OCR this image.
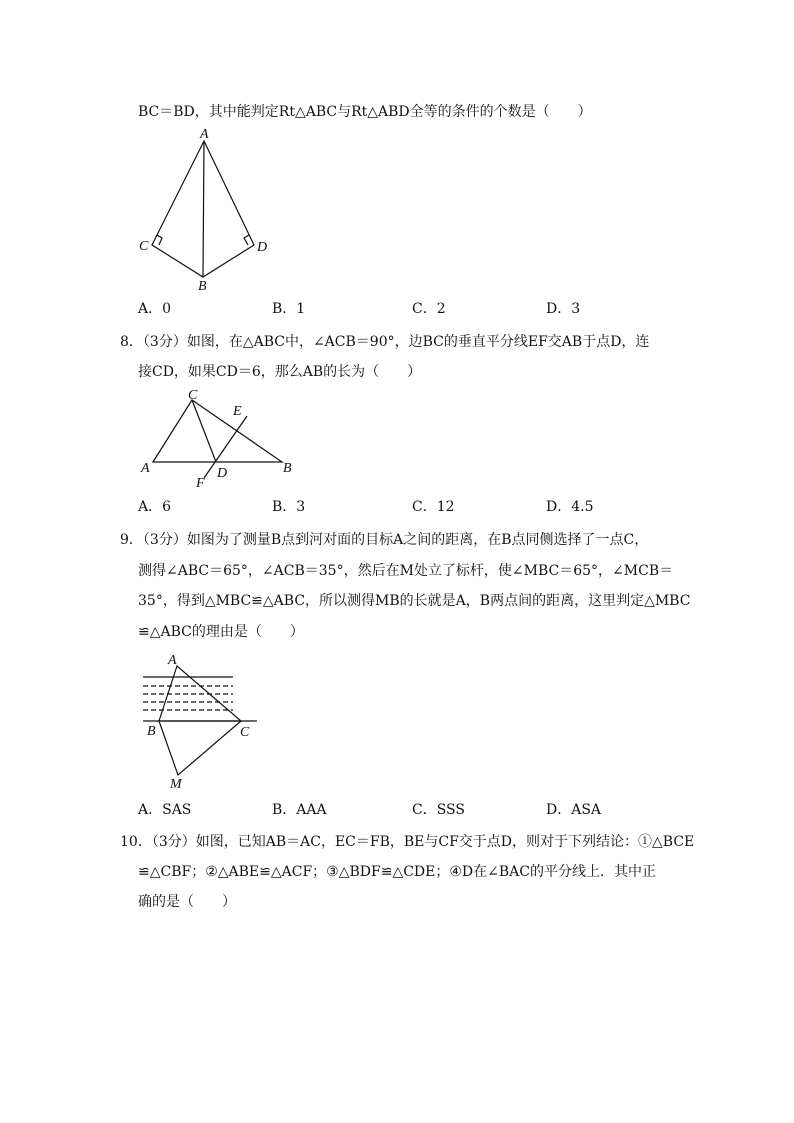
BC＝BD，其中能判定Rt△ABC与Rt△ABD全等的条件的个数是（　　）
A
C	D
B
A．0	B．1	C．2	D．3
8．（3分）如图，在△ABC中，∠ACB＝90°，边BC的垂直平分线EF交AB于点D，连
接CD，如果CD＝6，那么AB的长为（　　）
C
E
A	D	B
F
A．6	B．3	C．12	D．4.5
9．（3分）如图为了测量B点到河对面的目标A之间的距离，在B点同侧选择了一点C，
测得∠ABC＝65°，∠ACB＝35°，然后在M处立了标杆，使∠MBC＝65°，∠MCB＝
35°，得到△MBC≌△ABC，所以测得MB的长就是A，B两点间的距离，这里判定△MBC
≌△ABC的理由是（　　）
A
B	C
M
A．SAS	B．AAA	C．SSS	D．ASA
10．（3分）如图，已知AB＝AC，EC＝FB，BE与CF交于点D，则对于下列结论：①△BCE
≌△CBF；②△ABE≌△ACF；③△BDF≌△CDE；④D在∠BAC的平分线上．其中正
确的是（　　）
